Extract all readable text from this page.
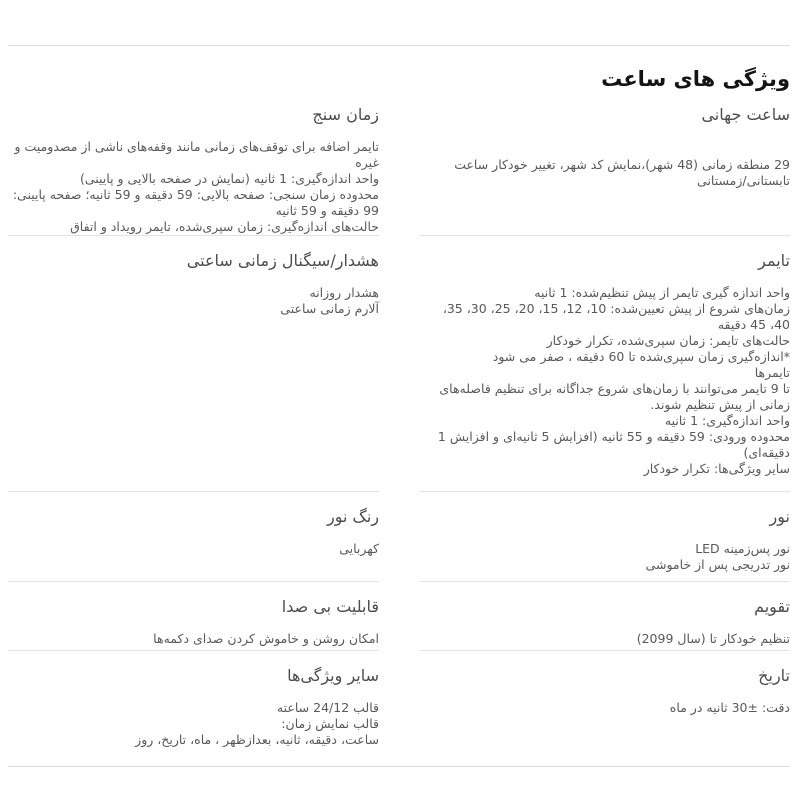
ویژگی های ساعت
ساعت جهانی
29 منطقه زمانی (48 شهر)،نمایش کد شهر، تغییر خودکار ساعت تابستانی/زمستانی
زمان سنج
تایمر اضافه برای توقف‌های زمانی مانند وقفه‌های ناشی از مصدومیت و غیره
واحد اندازه‌گیری: 1 ثانیه (نمایش در صفحه بالایی و پایینی)
محدوده زمان سنجی: صفحه بالایی: 59 دقیقه و 59 ثانیه؛ صفحه پایینی: 99 دقیقه و 59 ثانیه
حالت‌های اندازه‌گیری: زمان سپری‌شده، تایمر رویداد و اتفاق
تایمر
واحد اندازه گیری تایمر از پیش تنظیم‌شده: 1 ثانیه
زمان‌های شروع از پیش تعیین‌شده: 10، 12، 15، 20، 25، 30، 35، 40، 45 دقیقه
حالت‌های تایمر: زمان سپری‌شده، تکرار خودکار
*اندازه‌گیری زمان سپری‌شده تا 60 دقیقه ، صفر می شود
تایمرها
تا 9 تایمر می‌توانند با زمان‌های شروع جداگانه برای تنظیم فاصله‌های زمانی از پیش تنظیم شوند.
واحد اندازه‌گیری: 1 ثانیه
محدوده ورودی: 59 دقیقه و 55 ثانیه (افزایش 5 ثانیه‌ای و افزایش 1 دقیقه‌ای)
سایر ویژگی‌ها: تکرار خودکار
هشدار/سیگنال زمانی ساعتی
هشدار روزانه
آلارم زمانی ساعتی
نور
نور پس‌زمینه LED
نور تدریجی پس از خاموشی
رنگ نور
کهربایی
تقویم
تنظیم خودکار تا (سال 2099)
قابلیت بی صدا
امکان روشن و خاموش کردن صدای دکمه‌ها
تاریخ
دقت: ±30 ثانیه در ماه
سایر ویژگی‌ها
قالب 24/12 ساعته
قالب نمایش زمان:
ساعت، دقیقه، ثانیه، بعدازظهر ، ماه، تاریخ، روز
